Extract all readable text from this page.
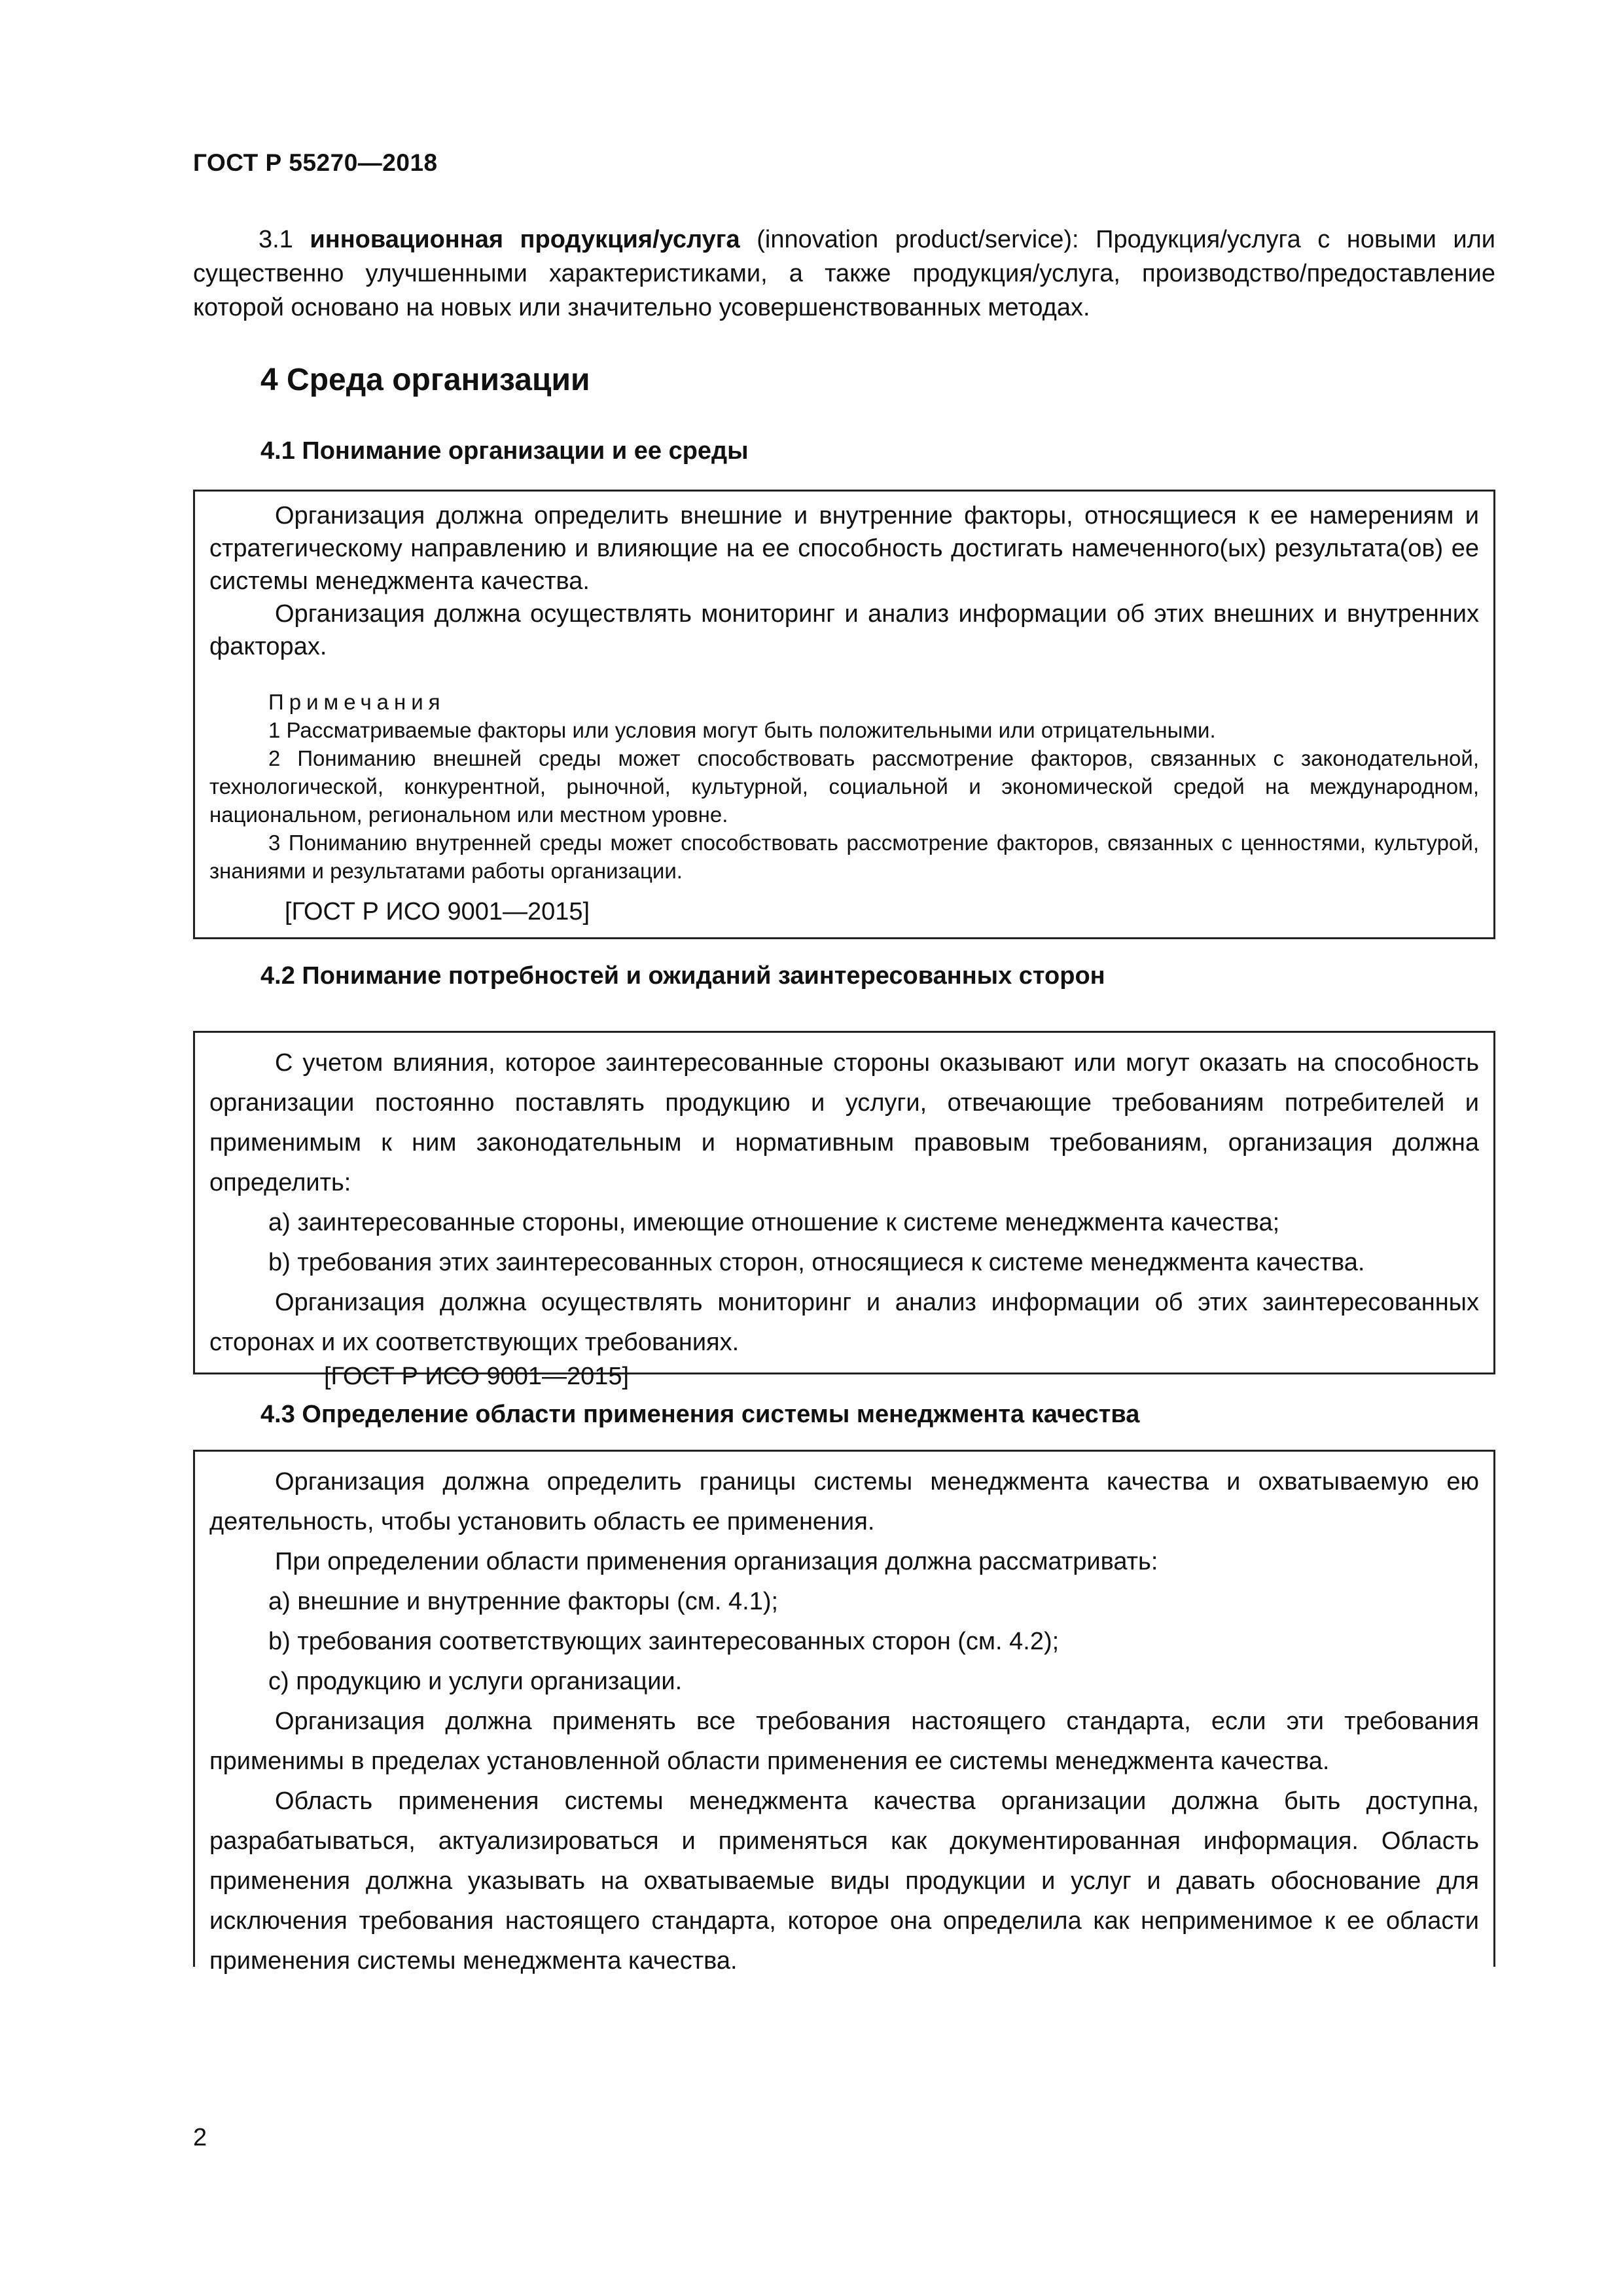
ГОСТ Р 55270—2018

3.1 инновационная продукция/услуга (innovation product/service): Продукция/услуга с новыми или существенно улучшенными характеристиками, а также продукция/услуга, производство/предоставление которой основано на новых или значительно усовершенствованных методах.

4 Среда организации
4.1 Понимание организации и ее среды

Организация должна определить внешние и внутренние факторы, относящиеся к ее намерениям и стратегическому направлению и влияющие на ее способность достигать намеченного(ых) результата(ов) ее системы менеджмента качества.

Организация должна осуществлять мониторинг и анализ информации об этих внешних и внутренних факторах.

Примечания

1 Рассматриваемые факторы или условия могут быть положительными или отрицательными.

2 Пониманию внешней среды может способствовать рассмотрение факторов, связанных с законодательной, технологической, конкурентной, рыночной, культурной, социальной и экономической средой на международном, национальном, региональном или местном уровне.

3 Пониманию внутренней среды может способствовать рассмотрение факторов, связанных с ценностями, культурой, знаниями и результатами работы организации.

[ГОСТ Р ИСО 9001—2015]
4.2 Понимание потребностей и ожиданий заинтересованных сторон

С учетом влияния, которое заинтересованные стороны оказывают или могут оказать на способность организации постоянно поставлять продукцию и услуги, отвечающие требованиям потребителей и применимым к ним законодательным и нормативным правовым требованиям, организация должна определить:

a) заинтересованные стороны, имеющие отношение к системе менеджмента качества;

b) требования этих заинтересованных сторон, относящиеся к системе менеджмента качества.

Организация должна осуществлять мониторинг и анализ информации об этих заинтересованных сторонах и их соответствующих требованиях.

[ГОСТ Р ИСО 9001—2015]
4.3 Определение области применения системы менеджмента качества

Организация должна определить границы системы менеджмента качества и охватываемую ею деятельность, чтобы установить область ее применения.

При определении области применения организация должна рассматривать:

a) внешние и внутренние факторы (см. 4.1);

b) требования соответствующих заинтересованных сторон (см. 4.2);

c) продукцию и услуги организации.

Организация должна применять все требования настоящего стандарта, если эти требования применимы в пределах установленной области применения ее системы менеджмента качества.

Область применения системы менеджмента качества организации должна быть доступна, разрабатываться, актуализироваться и применяться как документированная информация. Область применения должна указывать на охватываемые виды продукции и услуг и давать обоснование для исключения требования настоящего стандарта, которое она определила как неприменимое к ее области применения системы менеджмента качества.

2
